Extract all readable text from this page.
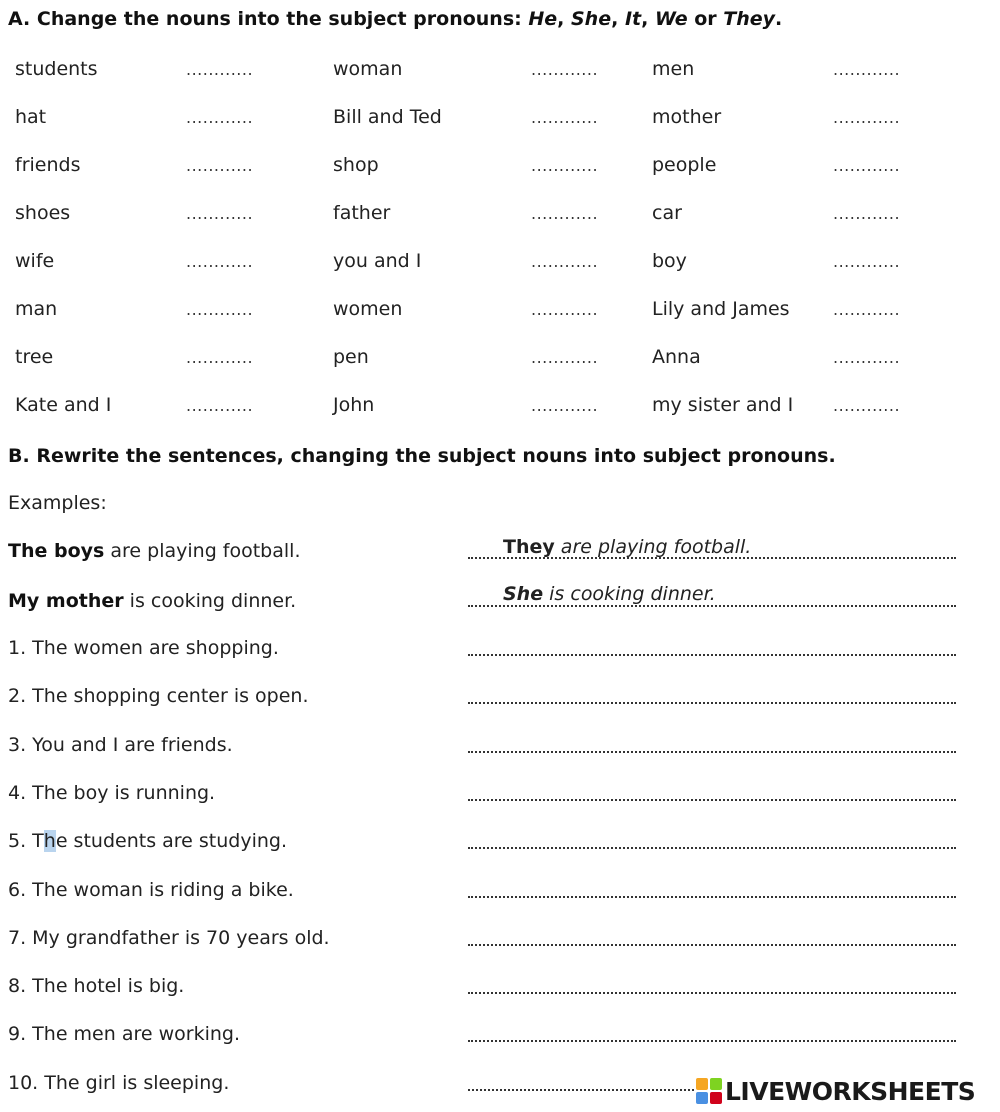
A. Change the nouns into the subject pronouns: He, She, It, We or They.
students	............	woman	............	men	............
hat	............	Bill and Ted	............	mother	............
friends	............	shop	............	people	............
shoes	............	father	............	car	............
wife	............	you and I	............	boy	............
man	............	women	............	Lily and James	............
tree	............	pen	............	Anna	............
Kate and I	............	John	............	my sister and I ............
B. Rewrite the sentences, changing the subject nouns into subject pronouns.
Examples:
The boys are playing football.	They are playing football.
My mother is cooking dinner.	She is cooking dinner.
1. The women are shopping.
2. The shopping center is open.
3. You and I are friends.
4. The boy is running.
5. The students are studying.
6. The woman is riding a bike.
7. My grandfather is 70 years old.
8. The hotel is big.
9. The men are working.
10. The girl is sleeping.	LIVEWORKSHEETS
